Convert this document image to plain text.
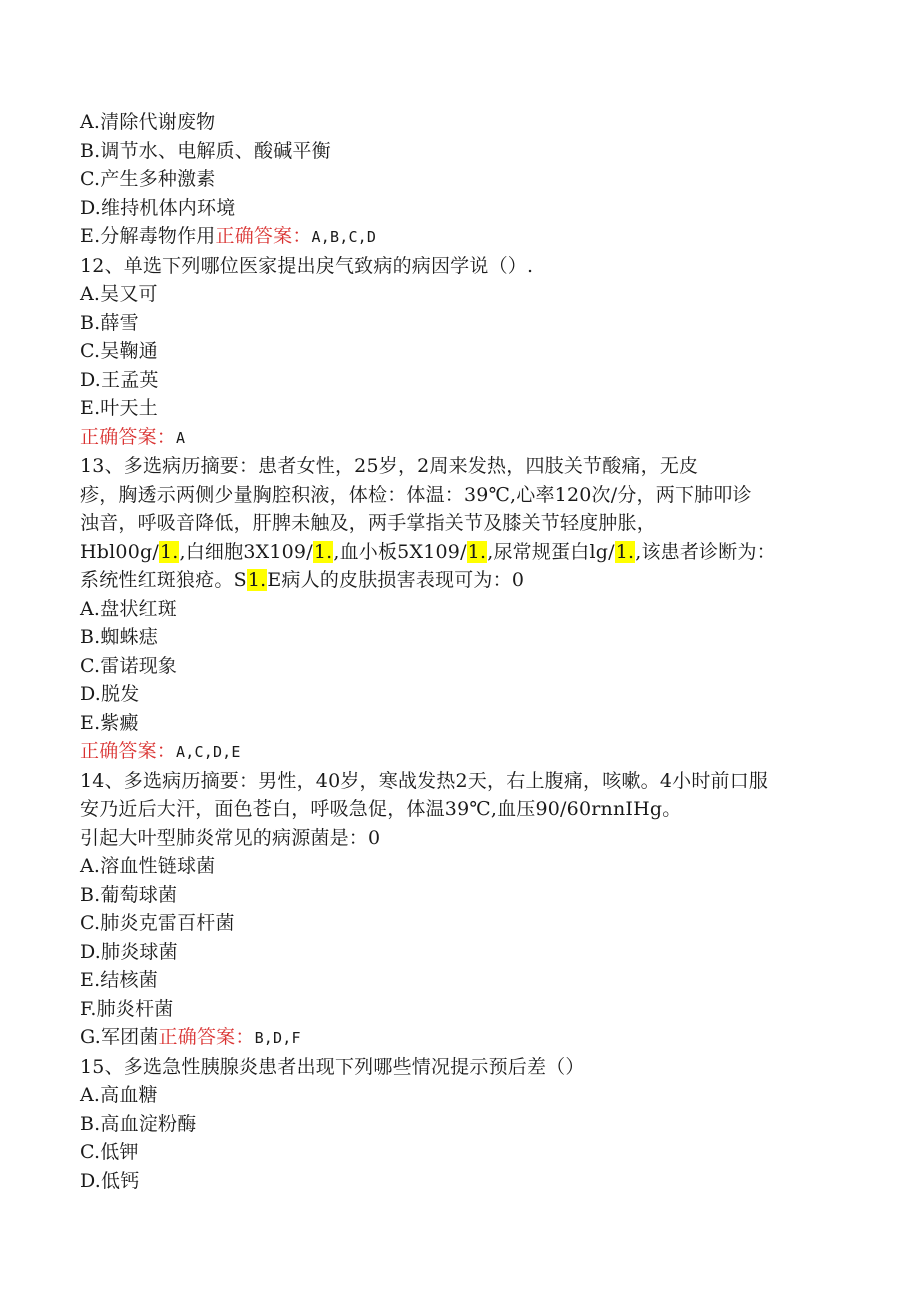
A.清除代谢废物
B.调节水、电解质、酸碱平衡
C.产生多种激素
D.维持机体内环境
E.分解毒物作用正确答案：A,B,C,D
12、单选下列哪位医家提出戾气致病的病因学说（）.
A.吴又可
B.薛雪
C.吴鞠通
D.王孟英
E.叶天土
正确答案：A
13、多选病历摘要：患者女性，25岁，2周来发热，四肢关节酸痛，无皮
疹，胸透示两侧少量胸腔积液，体检：体温：39℃,心率120次/分，两下肺叩诊
浊音，呼吸音降低，肝脾未触及，两手掌指关节及膝关节轻度肿胀，
Hbl00g/1.,白细胞3X109/1.,血小板5X109/1.,尿常规蛋白lg/1.,该患者诊断为：
系统性红斑狼疮。S1.E病人的皮肤损害表现可为：0
A.盘状红斑
B.蜘蛛痣
C.雷诺现象
D.脱发
E.紫癜
正确答案：A,C,D,E
14、多选病历摘要：男性，40岁，寒战发热2天，右上腹痛，咳嗽。4小时前口服
安乃近后大汗，面色苍白，呼吸急促，体温39℃,血压90/60rnnIHg。
引起大叶型肺炎常见的病源菌是：0
A.溶血性链球菌
B.葡萄球菌
C.肺炎克雷百杆菌
D.肺炎球菌
E.结核菌
F.肺炎杆菌
G.军团菌正确答案：B,D,F
15、多选急性胰腺炎患者出现下列哪些情况提示预后差（）
A.高血糖
B.高血淀粉酶
C.低钾
D.低钙
